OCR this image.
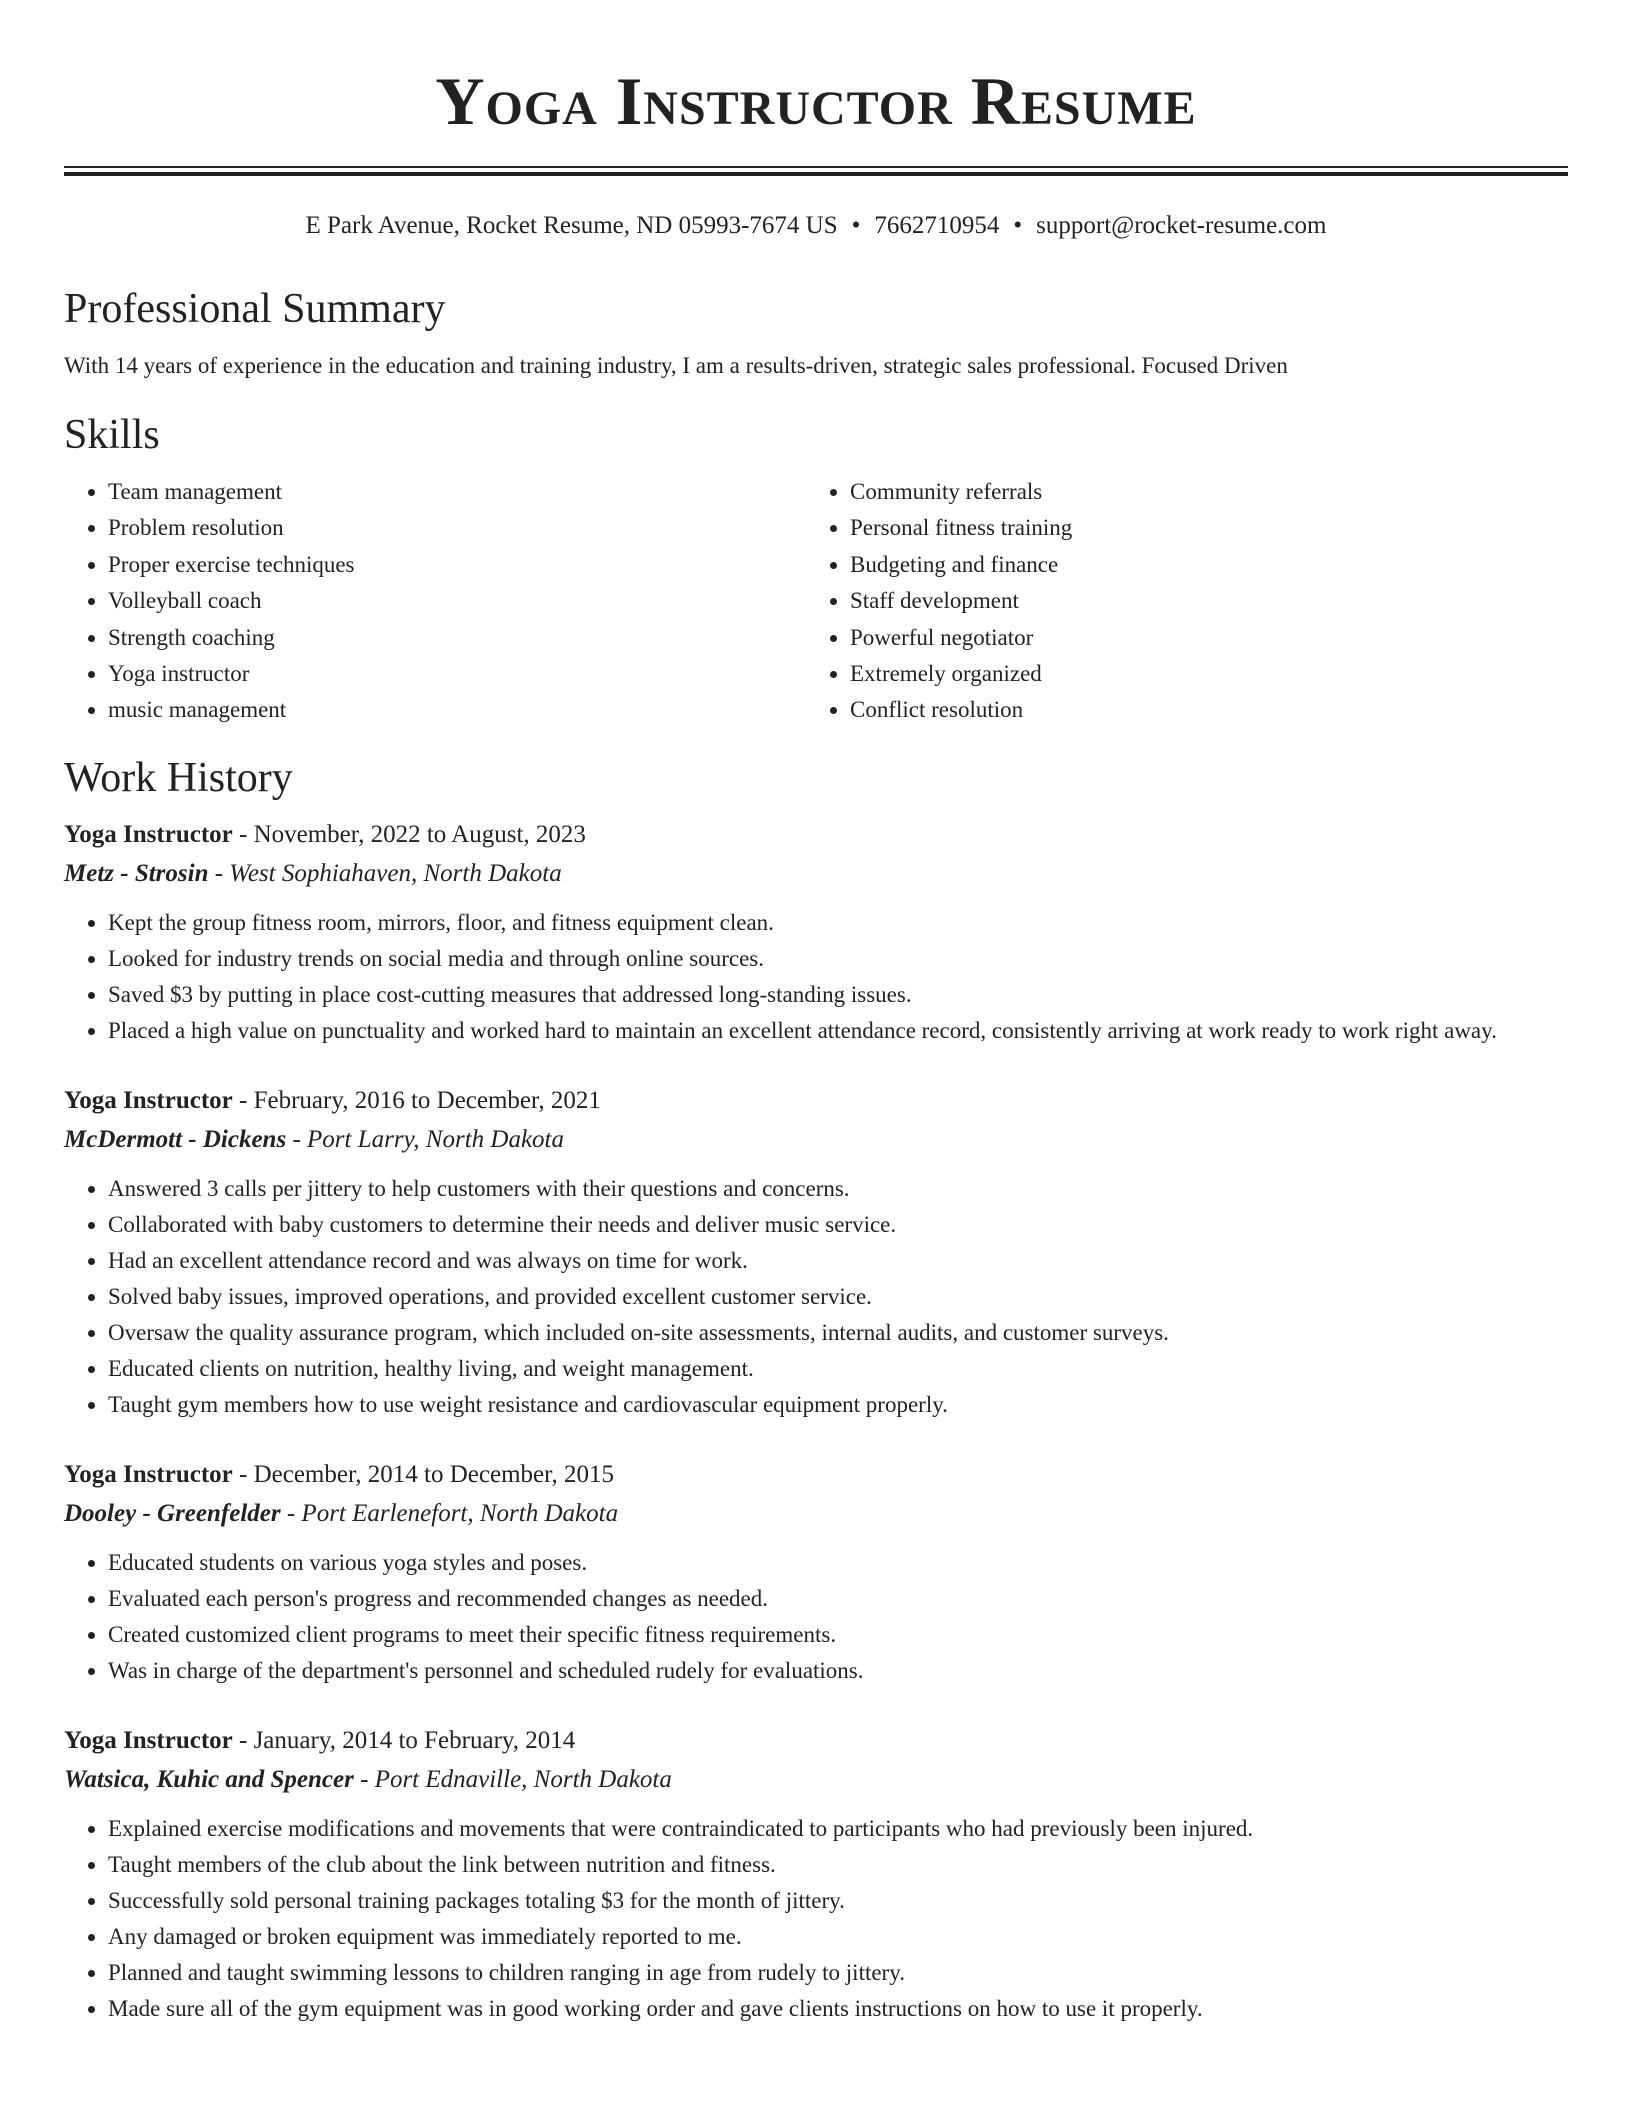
Yoga Instructor Resume
E Park Avenue, Rocket Resume, ND 05993-7674 US • 7662710954 • support@rocket-resume.com
Professional Summary
With 14 years of experience in the education and training industry, I am a results-driven, strategic sales professional. Focused Driven
Skills
• Team management
• Problem resolution
• Proper exercise techniques
• Volleyball coach
• Strength coaching
• Yoga instructor
• music management
• Community referrals
• Personal fitness training
• Budgeting and finance
• Staff development
• Powerful negotiator
• Extremely organized
• Conflict resolution
Work History
Yoga Instructor - November, 2022 to August, 2023
Metz - Strosin - West Sophiahaven, North Dakota
• Kept the group fitness room, mirrors, floor, and fitness equipment clean.
• Looked for industry trends on social media and through online sources.
• Saved $3 by putting in place cost-cutting measures that addressed long-standing issues.
• Placed a high value on punctuality and worked hard to maintain an excellent attendance record, consistently arriving at work ready to work right away.
Yoga Instructor - February, 2016 to December, 2021
McDermott - Dickens - Port Larry, North Dakota
• Answered 3 calls per jittery to help customers with their questions and concerns.
• Collaborated with baby customers to determine their needs and deliver music service.
• Had an excellent attendance record and was always on time for work.
• Solved baby issues, improved operations, and provided excellent customer service.
• Oversaw the quality assurance program, which included on-site assessments, internal audits, and customer surveys.
• Educated clients on nutrition, healthy living, and weight management.
• Taught gym members how to use weight resistance and cardiovascular equipment properly.
Yoga Instructor - December, 2014 to December, 2015
Dooley - Greenfelder - Port Earlenefort, North Dakota
• Educated students on various yoga styles and poses.
• Evaluated each person's progress and recommended changes as needed.
• Created customized client programs to meet their specific fitness requirements.
• Was in charge of the department's personnel and scheduled rudely for evaluations.
Yoga Instructor - January, 2014 to February, 2014
Watsica, Kuhic and Spencer - Port Ednaville, North Dakota
• Explained exercise modifications and movements that were contraindicated to participants who had previously been injured.
• Taught members of the club about the link between nutrition and fitness.
• Successfully sold personal training packages totaling $3 for the month of jittery.
• Any damaged or broken equipment was immediately reported to me.
• Planned and taught swimming lessons to children ranging in age from rudely to jittery.
• Made sure all of the gym equipment was in good working order and gave clients instructions on how to use it properly.
